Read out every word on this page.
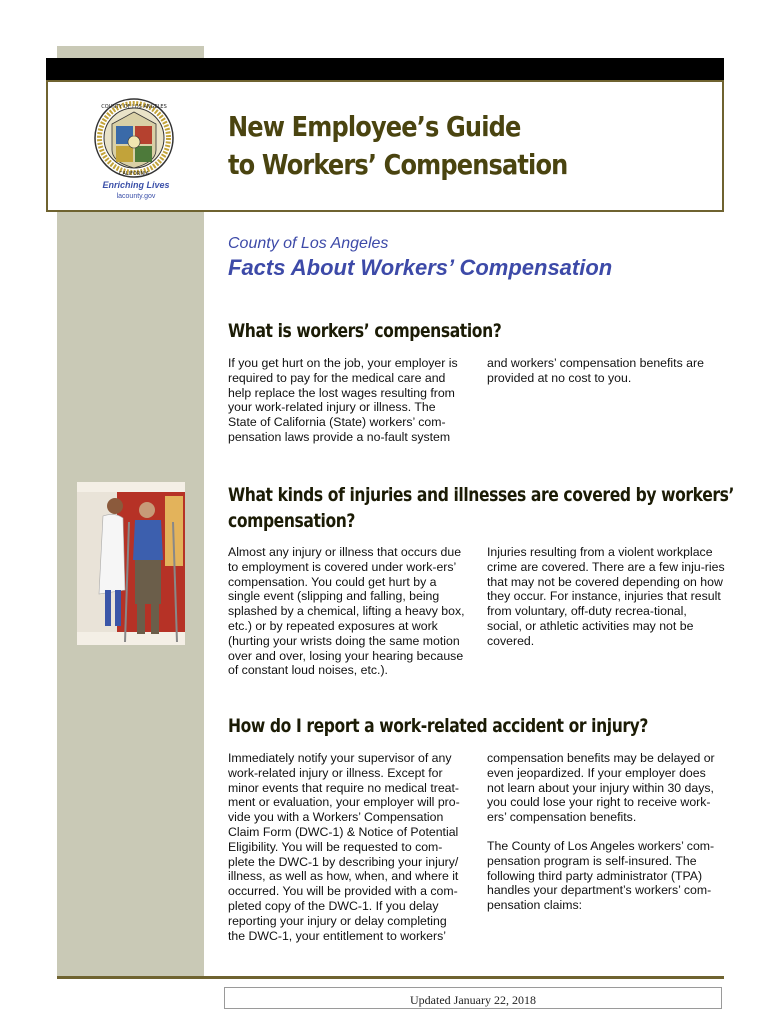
COUNTY OF LOS ANGELES
CALIFORNIA
Enriching Lives
lacounty.gov
New Employee’s Guide
to Workers’ Compensation
County of Los Angeles
Facts About Workers’ Compensation
What is workers’ compensation?
If you get hurt on the job, your employer is required to pay for the medical care and help replace the lost wages resulting from your work-related injury or illness. The State of California (State) workers’ com-pensation laws provide a no-fault system
and workers’ compensation benefits are provided at no cost to you.
What kinds of injuries and illnesses are covered by workers’
compensation?
Almost any injury or illness that occurs due to employment is covered under work-ers’ compensation. You could get hurt by a single event (slipping and falling, being splashed by a chemical, lifting a heavy box, etc.) or by repeated exposures at work (hurting your wrists doing the same motion over and over, losing your hearing because of constant loud noises, etc.).
Injuries resulting from a violent workplace crime are covered. There are a few inju-ries that may not be covered depending on how they occur. For instance, injuries that result from voluntary, off-duty recrea-tional, social, or athletic activities may not be covered.
How do I report a work-related accident or injury?
Immediately notify your supervisor of any work-related injury or illness. Except for minor events that require no medical treat-ment or evaluation, your employer will pro-vide you with a Workers’ Compensation Claim Form (DWC-1) & Notice of Potential Eligibility. You will be requested to com-plete the DWC-1 by describing your injury/ illness, as well as how, when, and where it occurred. You will be provided with a com-pleted copy of the DWC-1. If you delay reporting your injury or delay completing the DWC-1, your entitlement to workers’

compensation benefits may be delayed or even jeopardized. If your employer does not learn about your injury within 30 days, you could lose your right to receive work-ers’ compensation benefits.

The County of Los Angeles workers’ com-pensation program is self-insured. The following third party administrator (TPA) handles your department’s workers’ com-pensation claims:

Updated January 22, 2018
